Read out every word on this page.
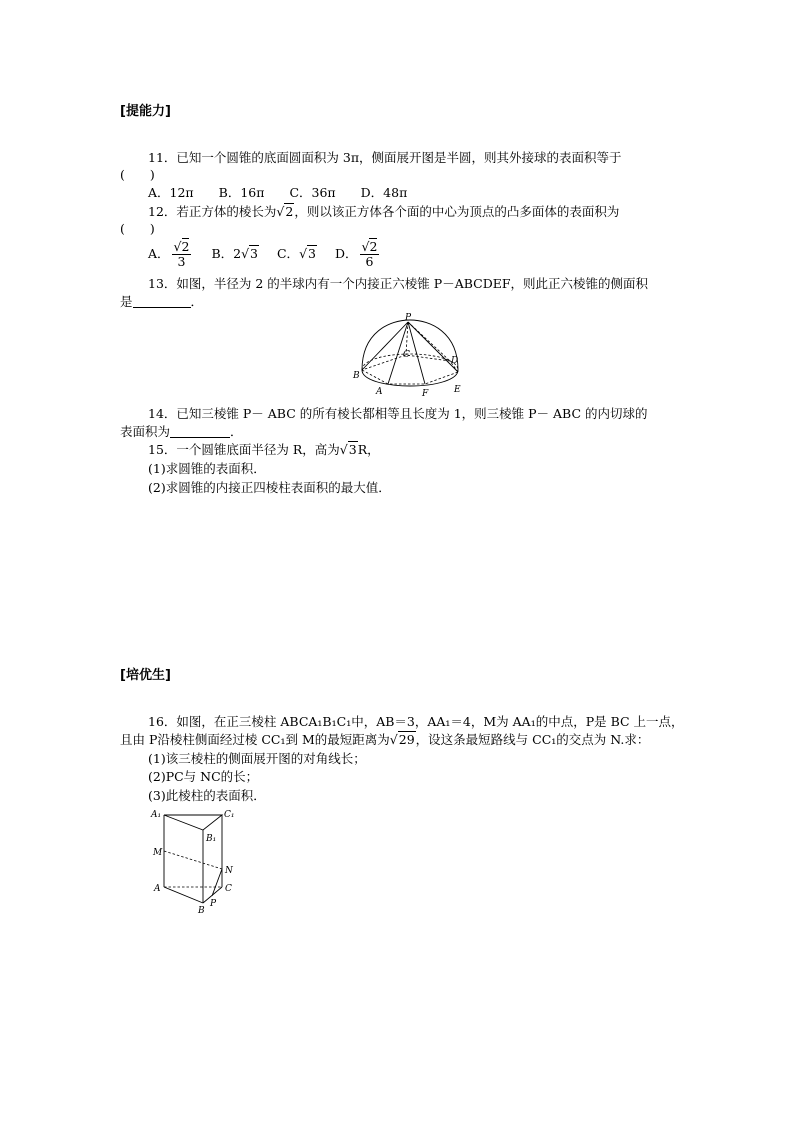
[提能力]
11．已知一个圆锥的底面圆面积为 3π，侧面展开图是半圆，则其外接球的表面积等于
(　　)
A．12π　　B．16π　　C．36π　　D．48π
12．若正方体的棱长为√2，则以该正方体各个面的中心为顶点的凸多面体的表面积为
(　　)
A． $\frac{√2}{3}$ B．2√3 C．√3 D． $\frac{√2}{6}$
13．如图，半径为 2 的半球内有一个内接正六棱锥 P－ABCDEF，则此正六棱锥的侧面积
是	．
P
C
D
B
A	F	E
14．已知三棱锥 P－ ABC 的所有棱长都相等且长度为 1，则三棱锥 P－ ABC 的内切球的
表面积为	．
15．一个圆锥底面半径为 R，高为√3R，
(1)求圆锥的表面积．
(2)求圆锥的内接正四棱柱表面积的最大值．
[培优生]
16．如图，在正三棱柱 ABCA₁B₁C₁中，AB＝3，AA₁＝4，M为 AA₁的中点，P是 BC 上一点，
且由 P沿棱柱侧面经过棱 CC₁到 M的最短距离为√29，设这条最短路线与 CC₁的交点为 N.求：
(1)该三棱柱的侧面展开图的对角线长；
(2)PC与 NC的长；
(3)此棱柱的表面积．
A₁	C₁
B₁
M
N
A	C
P
B
